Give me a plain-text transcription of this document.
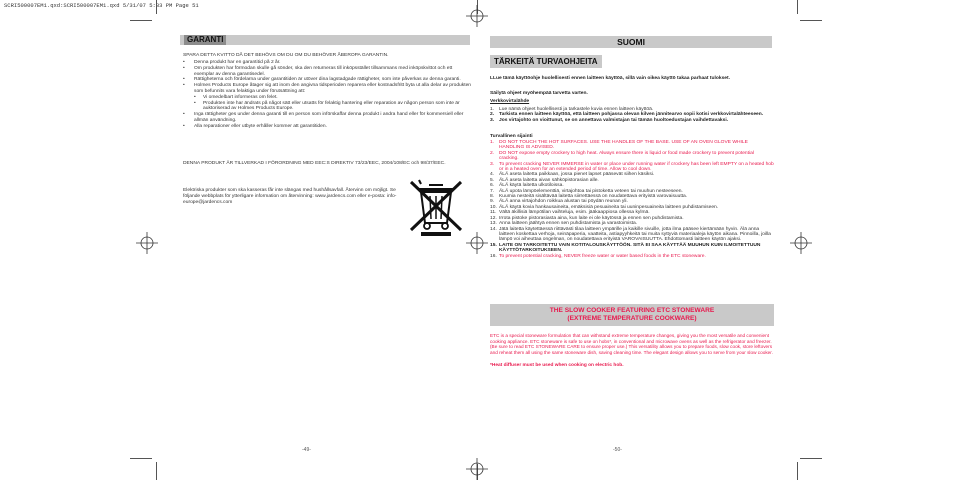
SCRI500007EM1.qxd:SCRI500007EM1.qxd 5/31/07 5:33 PM Page 51
GARANTI
SPARA DETTA KVITTO DÅ DET BEHÖVS OM DU OM DU BEHÖVER ÅBEROPA GARANTIN.
• Denna produkt har en garantitid på 2 år.
• Om produkten har förmodan skulle gå sönder, ska den returneras till inköpsstället tillsammans med inköpskvittot och ett exemplar av denna garantisedel.
• Rättigheterna och fördelarna under garantitiden är utöver dina lagstadgade rättigheter, som inte påverkas av denna garanti.
• Holmes Products Europe åtager sig att inom den angivna tidsperioden reparera eller kostnadsfritt byta ut alla delar av produkten som befunnits vara felaktiga under förutsättning att:
• Vi omedelbart informeras om felet.
• Produkten inte har ändrats på något sätt eller utsatts för felaktig hantering eller reparation av någon person som inte är auktoriserad av Holmes Products Europe.
• Inga rättigheter ges under denna garanti till en person som införskaffar denna produkt i andra hand eller för kommersiell eller allmän användning.
• Alla reparationer eller utbyte erhåller kommer att garantitiden.
DENNA PRODUKT ÄR TILLVERKAD I FÖRORDNING MED EEC:S DIREKTIV 73/23/EEC, 2004/108/EC och 98/37/EEC.
Elektriska produkter som ska kasseras får inte slängas med hushållsavfall. Återvinn om möjligt. Se följande webbplats för ytterligare information om återvinning: www.jardencs.com eller e-posta: info-europe@jardencs.com
-49-
SUOMI
TÄRKEITÄ TURVAOHJEITA
LLue tämä käyttöohje huolellisesti ennen laitteen käyttöä, sillä vain oikea käyttö takaa parhaat tulokset.
Säilytä ohjeet myöhempää tarvetta varten.
Verkkovirtalähde
1. Lue nämä ohjeet huolellisesti ja tarkastele kuvia ennen laitteen käyttöä.
2. Tarkista ennen laitteen käyttöä, että laitteen pohjassa olevan kilven jännitearvo sopii kotisi verkkovirtalähteeseen.
3. Jos virtajohto on vioittunut, se on annettava valmistajan tai tämän huoltoedustajan vaihdettavaksi.
Turvallinen sijainti
1. DO NOT TOUCH THE HOT SURFACES. USE THE HANDLES OF THE BASE. USE OF AN OVEN GLOVE WHILE HANDLING IS ADVISED.
2. DO NOT expose empty crockery to high heat. Always ensure there is liquid or food made crockery to prevent potential cracking.
3. To prevent cracking NEVER IMMERSE in water or place under running water if crockery has been left EMPTY on a heated hob or in a heated oven for an extended period of time. Allow to cool down.
4. ÄLÄ aseta laitetta paikkaan, jossa pienet lapset pääsevät siihen käsiksi.
5. ÄLÄ aseta laitetta aivan sähköpistorasian alle.
6. ÄLÄ käytä laitetta ulkotiloissa.
7. ÄLÄ upota lämpöelementtiä, virtajohtoa tai pistoketta veteen tai muuhun nesteeseen.
8. Kuumia nesteitä sisältävää laitetta siirrettäessä on noudatettava erityistä varovaisuutta.
9. ÄLÄ anna virtajohdon roikkua alustan tai pöydän reunan yli.
10. ÄLÄ käytä kovia hankausaineita, emäksisiä pesuaineita tai uuninpesuaineita laitteen puhdistamiseen.
11. Vältä äkillisiä lämpötilan vaihteluja, esim. jääkaappiosa ollessa kylmä.
12. Irrota pistoke pistorasiasta aina, kun laite ei ole käytössä ja ennen sen puhdistamista.
13. Anna laitteen jäähtyä ennen sen puhdistamista ja varastoimista.
14. Jätä laitetta käytettäessä riittävästi tilaa laitteen ympärille ja kaikille sivuille, jotta ilma pääsee kiertämään hyvin. Älä anna laitteen koskettaa verhoja, seinäpaperia, vaatteita, astiapyyhkeitä tai muita syttyviä materiaaleja käytön aikana. Pinnoilla, joilla lämpö voi aiheuttaa ongelman, on noudatettava erityistä VAROVAISUUTTA. Ehdottomasti laitteen käytön ajaksi.
15. LAITE ON TARKOITETTU VAIN KOTITALOUSKÄYTTÖÖN. SITÄ EI SAA KÄYTTÄÄ MUUHUN KUIN ILMOITETTUUN KÄYTTÖTARKOITUKSEEN.
16. To prevent potential cracking, NEVER freeze water or water based foods in the ETC stoneware.
THE SLOW COOKER FEATURING ETC STONEWARE
(EXTREME TEMPERATURE COOKWARE)
ETC is a special stoneware formulation that can withstand extreme temperature changes, giving you the most versatile and convenient cooking appliance. ETC stoneware is safe to use on hobs*, in conventional and microwave ovens as well as the refrigerator and freezer. (Be sure to read ETC STONEWARE CARE to ensure proper use.) This versatility allows you to prepare foods, slow cook, store leftovers and reheat them all using the same stoneware dish, saving cleaning time. The elegant design allows you to serve from your slow cooker.
*Heat diffuser must be used when cooking on electric hob.
-50-
